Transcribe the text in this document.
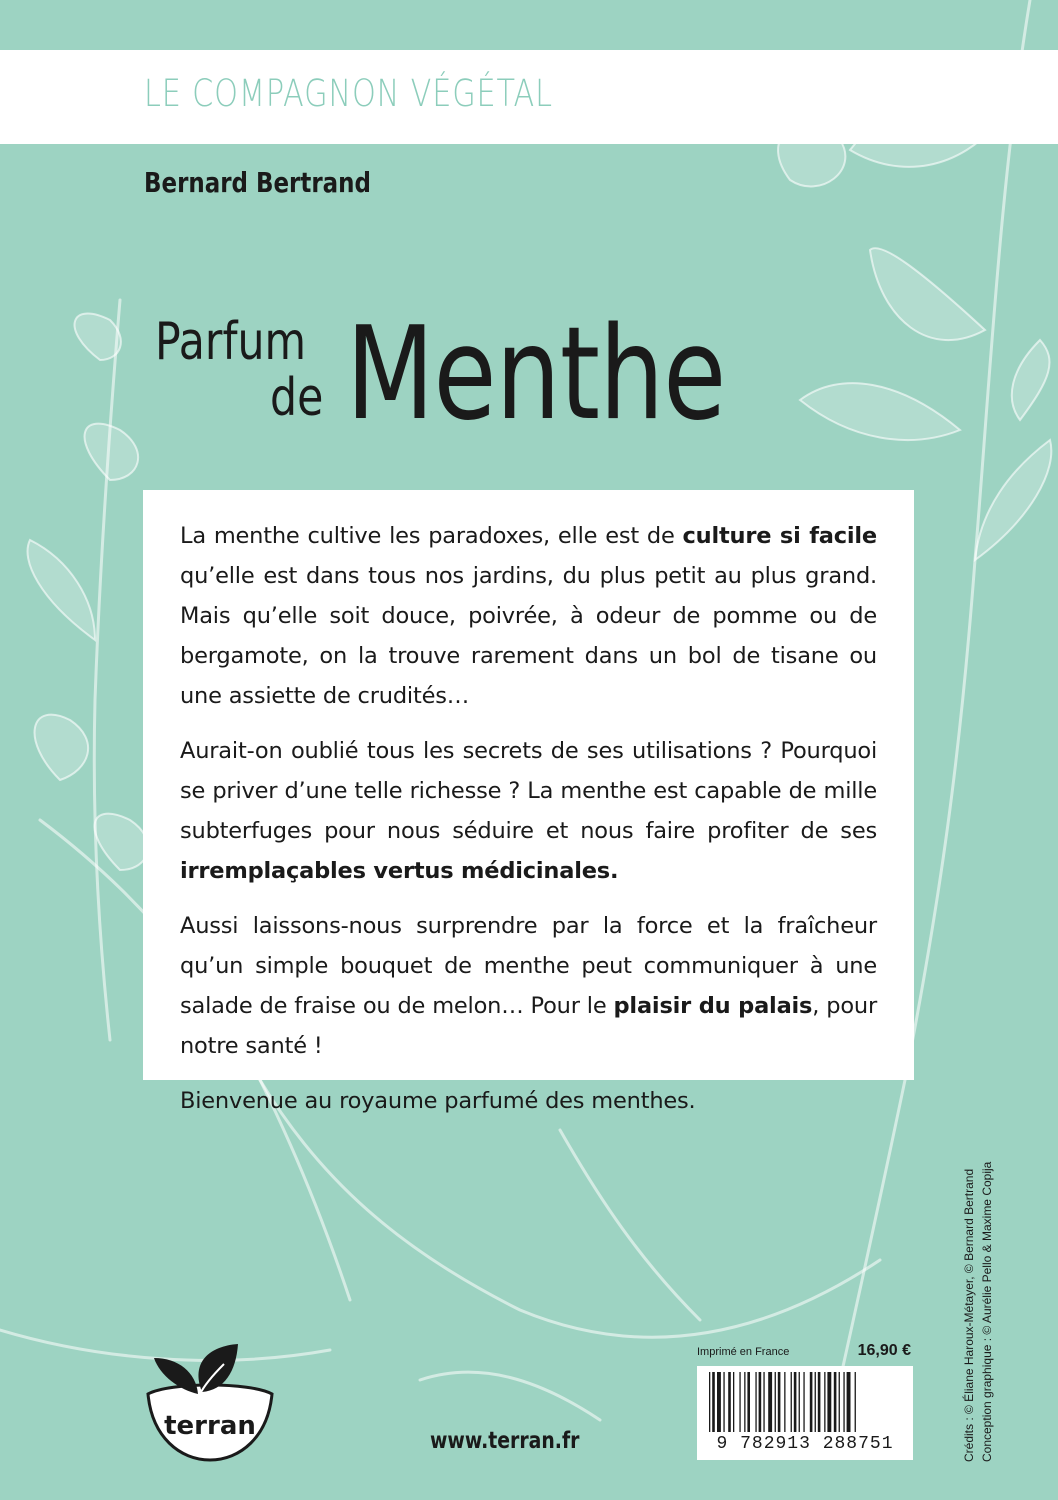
LE COMPAGNON VÉGÉTAL
Bernard Bertrand
Parfum
de Menthe

La menthe cultive les paradoxes, elle est de culture si facile qu’elle est dans tous nos jardins, du plus petit au plus grand. Mais qu’elle soit douce, poivrée, à odeur de pomme ou de bergamote, on la trouve rarement dans un bol de tisane ou une assiette de crudités…

Aurait-on oublié tous les secrets de ses utilisations ? Pourquoi se priver d’une telle richesse ? La menthe est capable de mille subterfuges pour nous séduire et nous faire profiter de ses irremplaçables vertus médicinales.

Aussi laissons-nous surprendre par la force et la fraîcheur qu’un simple bouquet de menthe peut communiquer à une salade de fraise ou de melon… Pour le plaisir du palais, pour notre santé !

Bienvenue au royaume parfumé des menthes.

terran	www.terran.fr
Imprimé en France	16,90 €
9 782913 288751	Crédits : © Éliane Haroux-Métayer, © Bernard Bertrand Conception graphique : © Aurélie Pello & Maxime Copija
